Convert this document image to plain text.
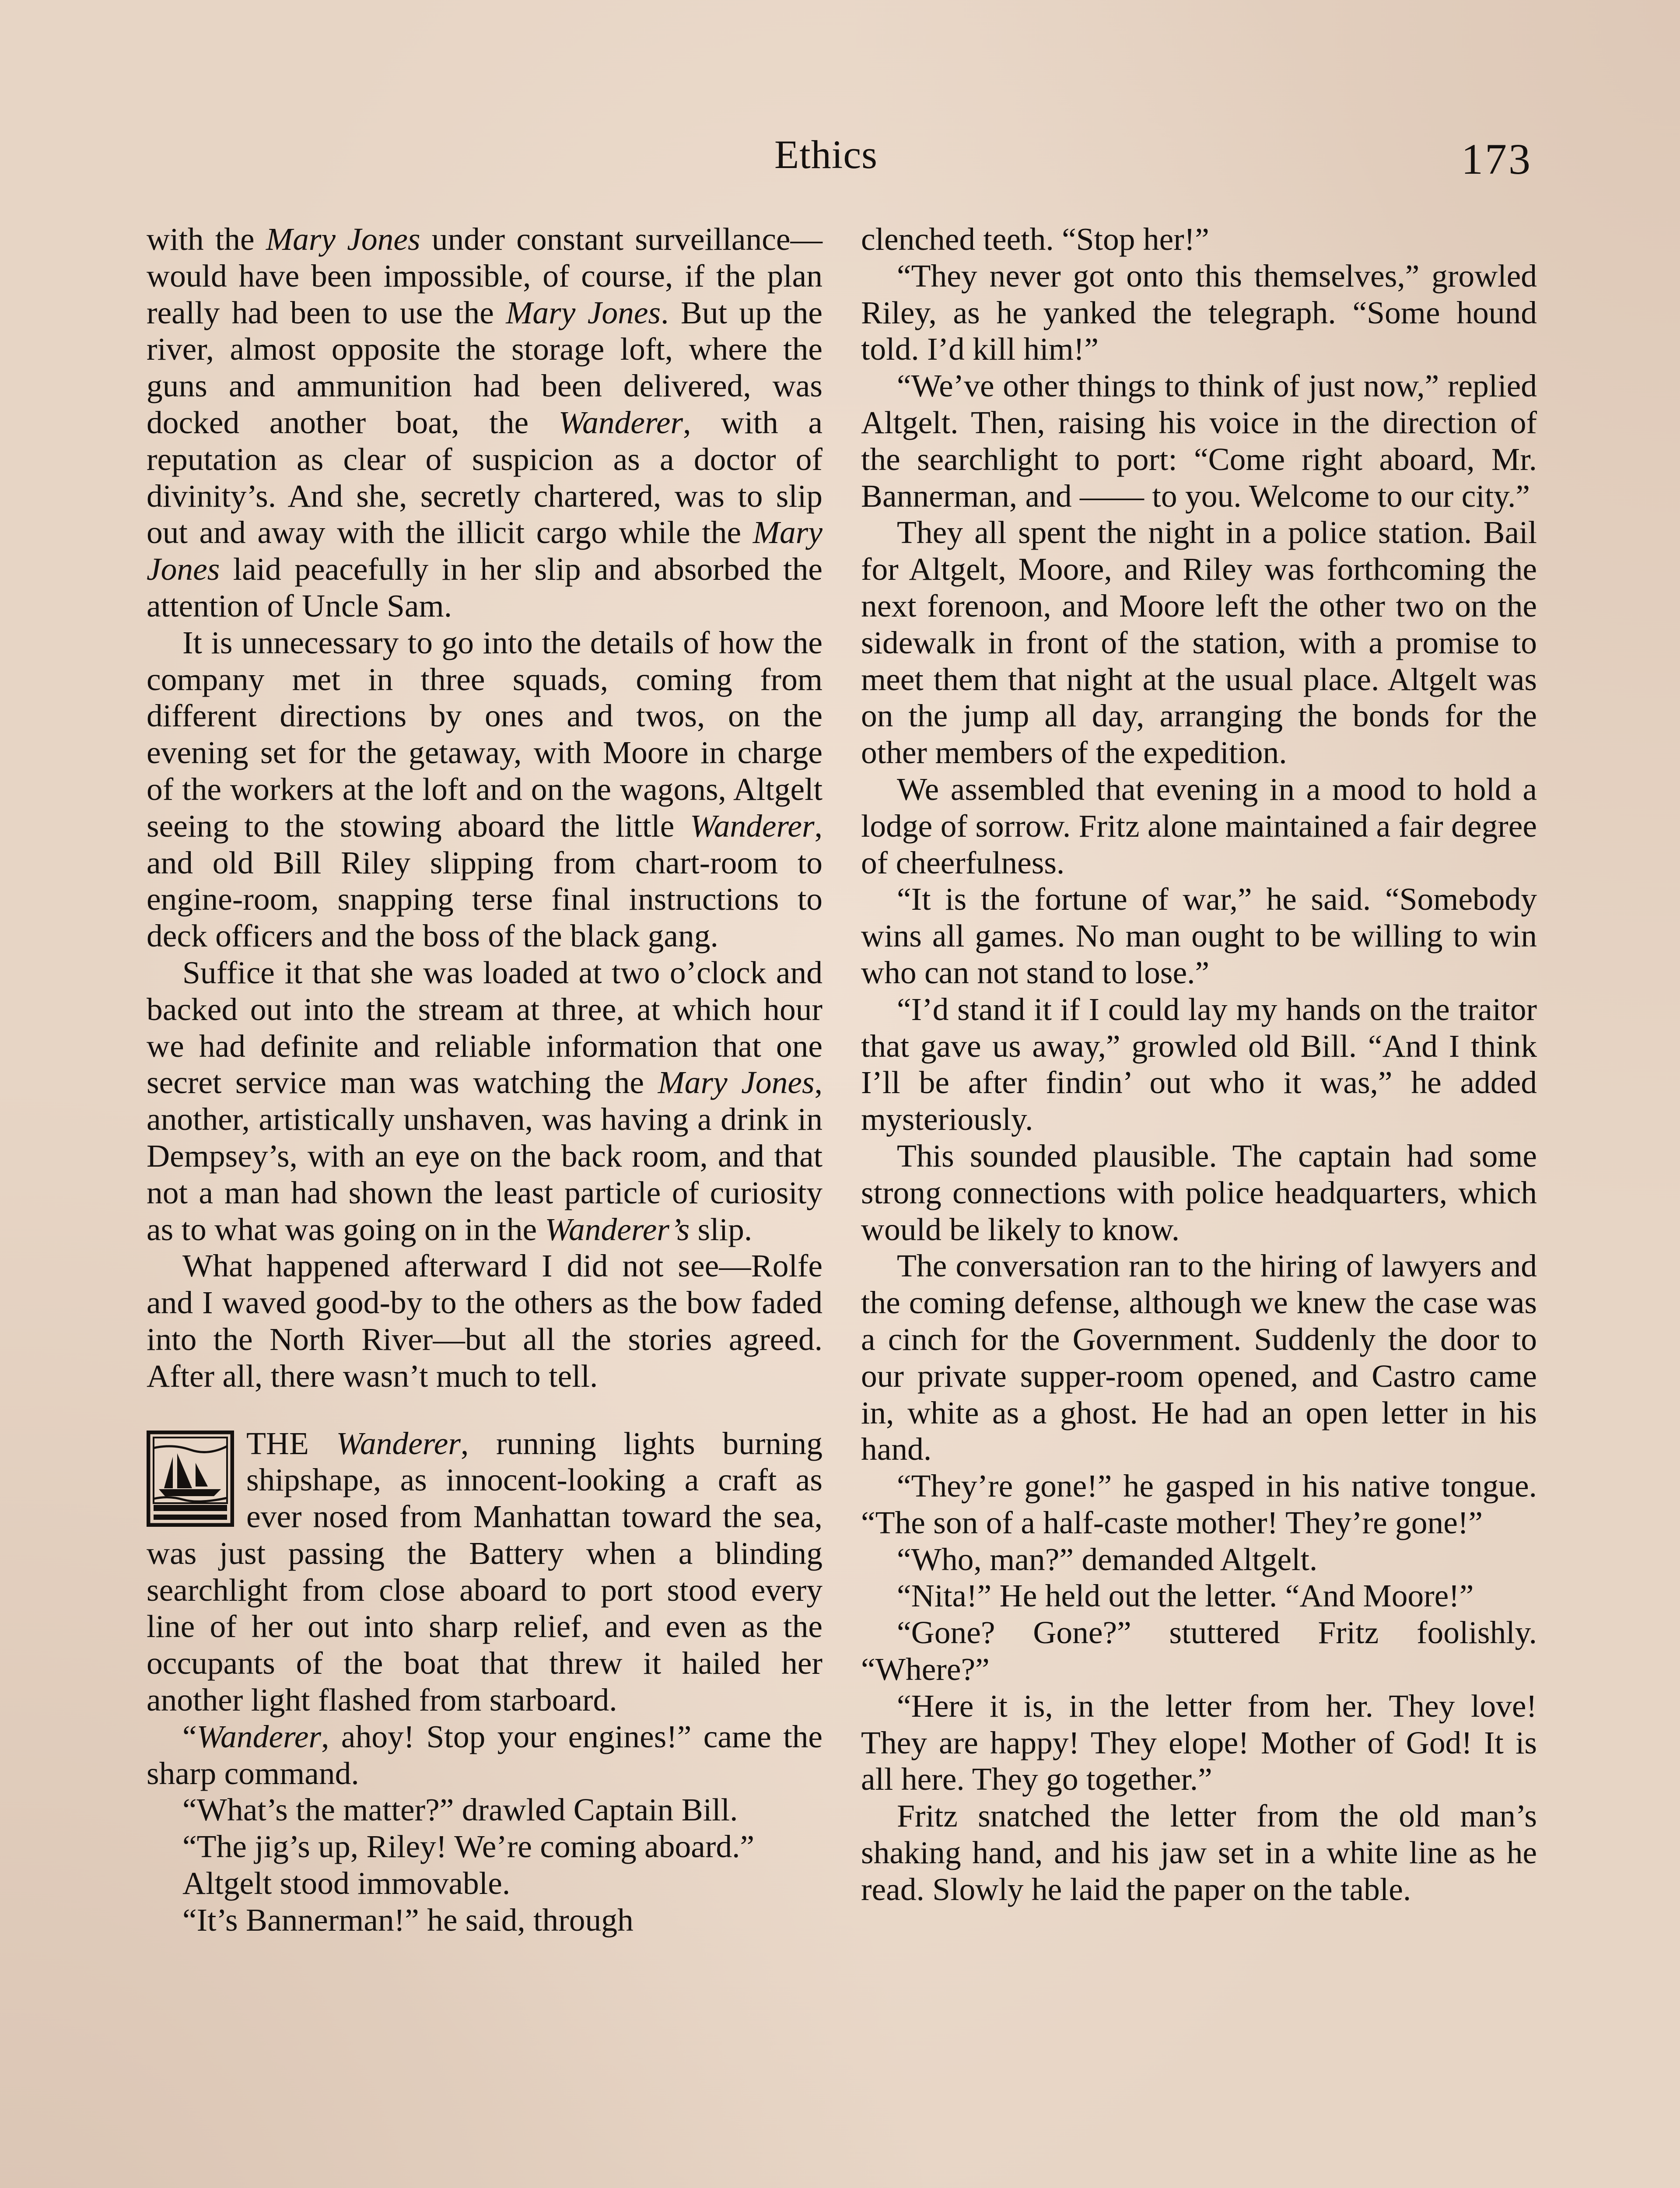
Ethics	173

with the Mary Jones under constant surveillance—would have been impossible, of course, if the plan really had been to use the Mary Jones. But up the river, almost opposite the storage loft, where the guns and ammunition had been delivered, was docked another boat, the Wanderer, with a reputation as clear of suspicion as a doctor of divinity’s. And she, secretly chartered, was to slip out and away with the illicit cargo while the Mary Jones laid peacefully in her slip and absorbed the attention of Uncle Sam.

It is unnecessary to go into the details of how the company met in three squads, coming from different directions by ones and twos, on the evening set for the getaway, with Moore in charge of the workers at the loft and on the wagons, Altgelt seeing to the stowing aboard the little Wanderer, and old Bill Riley slipping from chart-room to engine-room, snapping terse final instructions to deck officers and the boss of the black gang.

Suffice it that she was loaded at two o’clock and backed out into the stream at three, at which hour we had definite and reliable information that one secret service man was watching the Mary Jones, another, artistically unshaven, was having a drink in Dempsey’s, with an eye on the back room, and that not a man had shown the least particle of curiosity as to what was going on in the Wanderer’s slip.

What happened afterward I did not see—Rolfe and I waved good-by to the others as the bow faded into the North River—but all the stories agreed. After all, there wasn’t much to tell.

THE Wanderer, running lights burning shipshape, as innocent-looking a craft as ever nosed from Manhattan toward the sea, was just passing the Battery when a blinding searchlight from close aboard to port stood every line of her out into sharp relief, and even as the occupants of the boat that threw it hailed her another light flashed from starboard.

“Wanderer, ahoy! Stop your engines!” came the sharp command.

“What’s the matter?” drawled Captain Bill.

“The jig’s up, Riley! We’re coming aboard.”

Altgelt stood immovable.

“It’s Bannerman!” he said, through

clenched teeth. “Stop her!”

“They never got onto this themselves,” growled Riley, as he yanked the telegraph. “Some hound told. I’d kill him!”

“We’ve other things to think of just now,” replied Altgelt. Then, raising his voice in the direction of the searchlight to port: “Come right aboard, Mr. Bannerman, and —— to you. Welcome to our city.”

They all spent the night in a police station. Bail for Altgelt, Moore, and Riley was forthcoming the next forenoon, and Moore left the other two on the sidewalk in front of the station, with a promise to meet them that night at the usual place. Altgelt was on the jump all day, arranging the bonds for the other members of the expedition.

We assembled that evening in a mood to hold a lodge of sorrow. Fritz alone maintained a fair degree of cheerfulness.

“It is the fortune of war,” he said. “Somebody wins all games. No man ought to be willing to win who can not stand to lose.”

“I’d stand it if I could lay my hands on the traitor that gave us away,” growled old Bill. “And I think I’ll be after findin’ out who it was,” he added mysteriously.

This sounded plausible. The captain had some strong connections with police headquarters, which would be likely to know.

The conversation ran to the hiring of lawyers and the coming defense, although we knew the case was a cinch for the Government. Suddenly the door to our private supper-room opened, and Castro came in, white as a ghost. He had an open letter in his hand.

“They’re gone!” he gasped in his native tongue. “The son of a half-caste mother! They’re gone!”

“Who, man?” demanded Altgelt.

“Nita!” He held out the letter. “And Moore!”

“Gone? Gone?” stuttered Fritz foolishly. “Where?”

“Here it is, in the letter from her. They love! They are happy! They elope! Mother of God! It is all here. They go together.”

Fritz snatched the letter from the old man’s shaking hand, and his jaw set in a white line as he read. Slowly he laid the paper on the table.
